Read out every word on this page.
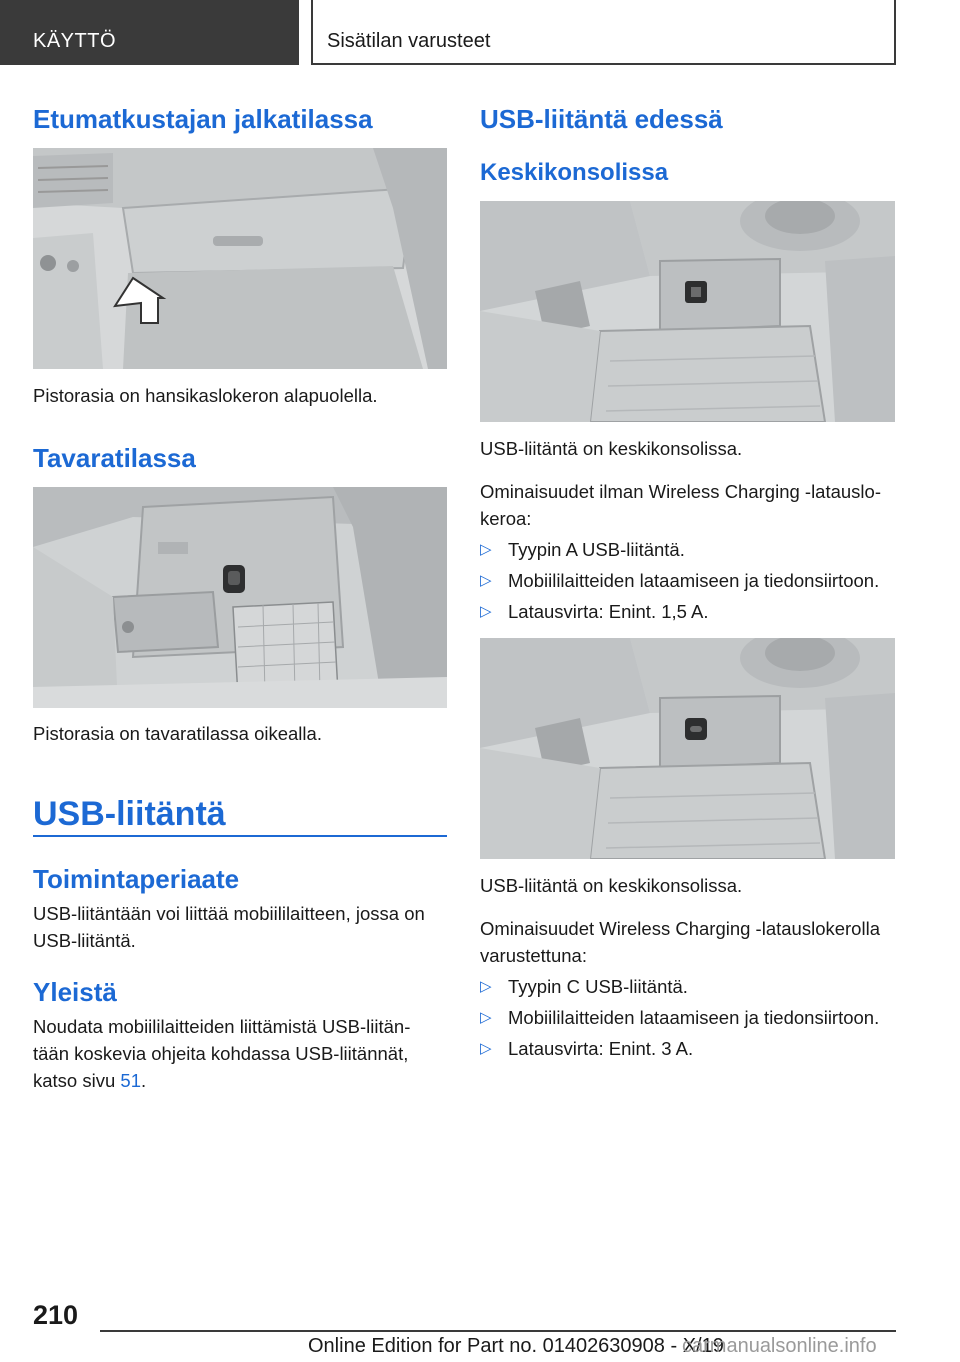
KÄYTTÖ	Sisätilan varusteet
Etumatkustajan jalkatilassa
Pistorasia on hansikaslokeron alapuolella.
Tavaratilassa
Pistorasia on tavaratilassa oikealla.
USB-liitäntä
Toimintaperiaate
USB-liitäntään voi liittää mobiililaitteen, jossa on
USB-liitäntä.
Yleistä
Noudata mobiililaitteiden liittämistä USB-liitän-
tään koskevia ohjeita kohdassa USB-liitännät,
katso sivu 51.
USB-liitäntä edessä
Keskikonsolissa
USB-liitäntä on keskikonsolissa.
Ominaisuudet ilman Wireless Charging -latauslo-
keroa:
▷ Tyypin A USB-liitäntä.
▷ Mobiililaitteiden lataamiseen ja tiedonsiirtoon.
▷ Latausvirta: Enint. 1,5 A.
USB-liitäntä on keskikonsolissa.
Ominaisuudet Wireless Charging -latauslokerolla
varustettuna:
▷ Tyypin C USB-liitäntä.
▷ Mobiililaitteiden lataamiseen ja tiedonsiirtoon.
▷ Latausvirta: Enint. 3 A.
210
Online Edition for Part no. 01402630908 - X/19
carmanualsonline.info
